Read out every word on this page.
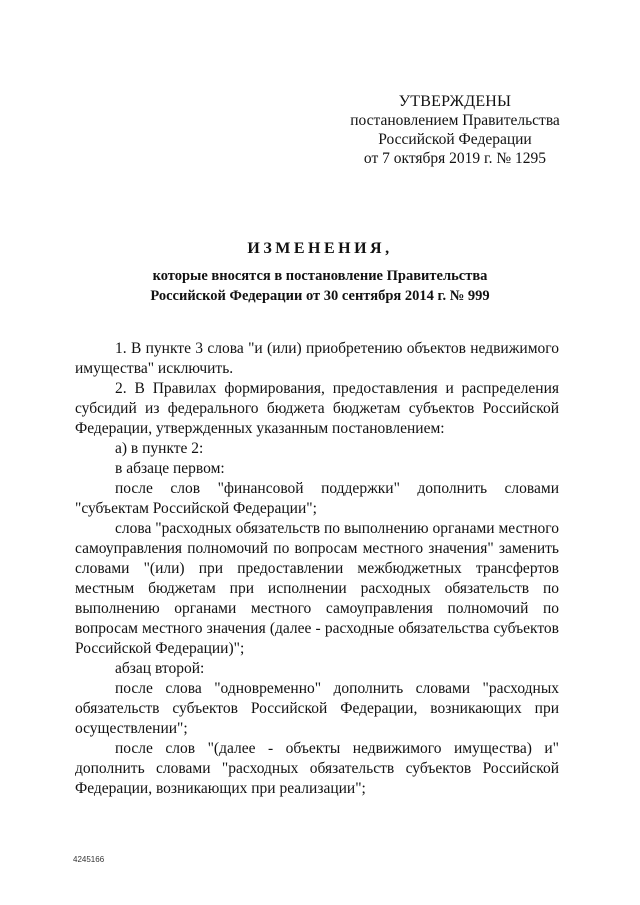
УТВЕРЖДЕНЫ
постановлением Правительства
Российской Федерации
от 7 октября 2019 г. № 1295
ИЗМЕНЕНИЯ,
которые вносятся в постановление Правительства
Российской Федерации от 30 сентября 2014 г. № 999

1. В пункте 3 слова "и (или) приобретению объектов недвижимого имущества" исключить.

2. В Правилах формирования, предоставления и распределения субсидий из федерального бюджета бюджетам субъектов Российской Федерации, утвержденных указанным постановлением:

а) в пункте 2:

в абзаце первом:

после слов "финансовой поддержки" дополнить словами "субъектам Российской Федерации";

слова "расходных обязательств по выполнению органами местного самоуправления полномочий по вопросам местного значения" заменить словами "(или) при предоставлении межбюджетных трансфертов местным бюджетам при исполнении расходных обязательств по выполнению органами местного самоуправления полномочий по вопросам местного значения (далее - расходные обязательства субъектов Российской Федерации)";

абзац второй:

после слова "одновременно" дополнить словами "расходных обязательств субъектов Российской Федерации, возникающих при осуществлении";

после слов "(далее - объекты недвижимого имущества) и" дополнить словами "расходных обязательств субъектов Российской Федерации, возникающих при реализации";

4245166
